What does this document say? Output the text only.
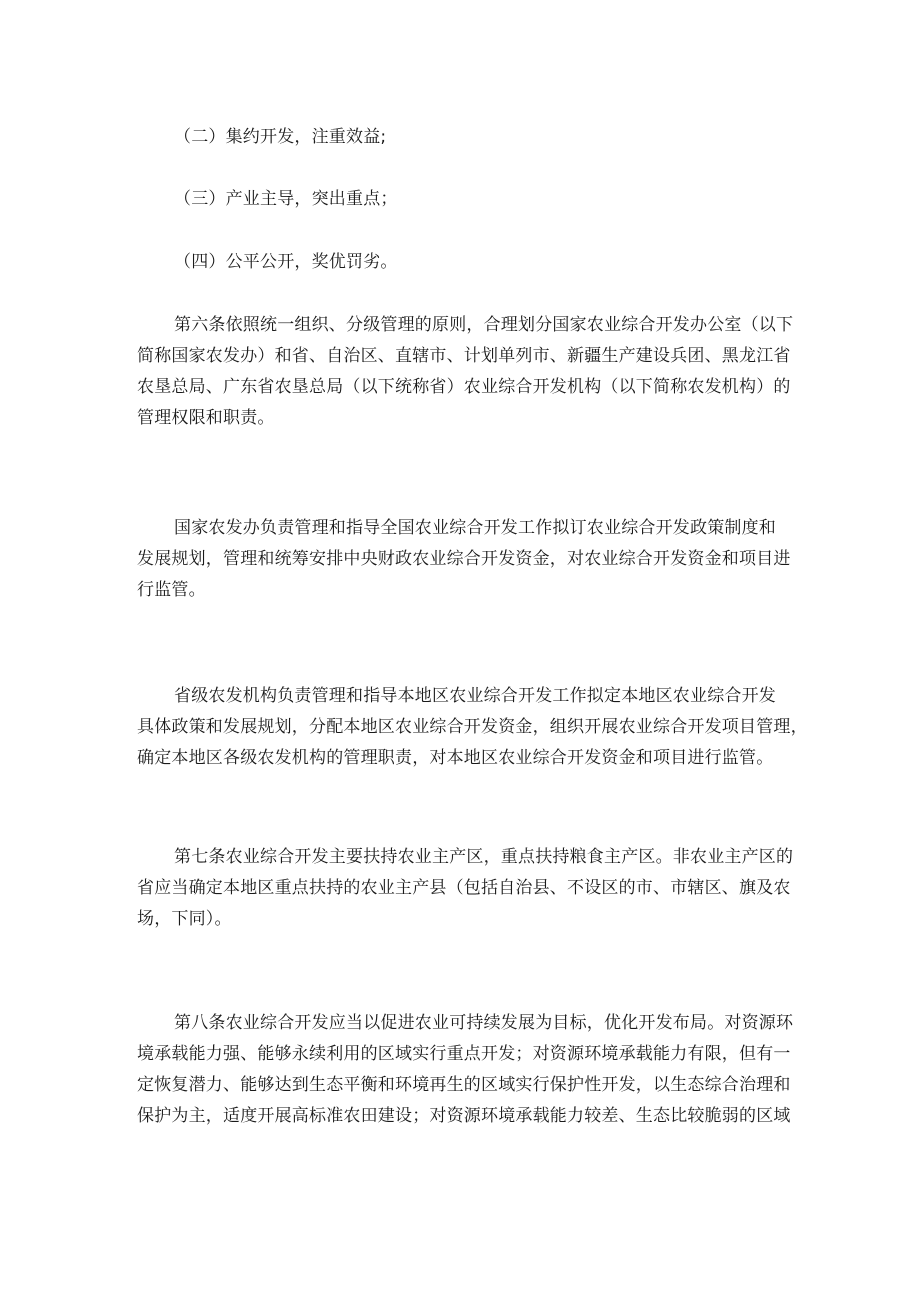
（二）集约开发，注重效益;
（三）产业主导，突出重点；
（四）公平公开，奖优罚劣。
第六条依照统一组织、分级管理的原则，合理划分国家农业综合开发办公室（以下
简称国家农发办）和省、自治区、直辖市、计划单列市、新疆生产建设兵团、黑龙江省
农垦总局、广东省农垦总局（以下统称省）农业综合开发机构（以下简称农发机构）的
管理权限和职责。
国家农发办负责管理和指导全国农业综合开发工作拟订农业综合开发政策制度和
发展规划，管理和统筹安排中央财政农业综合开发资金，对农业综合开发资金和项目进
行监管。
省级农发机构负责管理和指导本地区农业综合开发工作拟定本地区农业综合开发
具体政策和发展规划，分配本地区农业综合开发资金，组织开展农业综合开发项目管理，
确定本地区各级农发机构的管理职责，对本地区农业综合开发资金和项目进行监管。
第七条农业综合开发主要扶持农业主产区，重点扶持粮食主产区。非农业主产区的
省应当确定本地区重点扶持的农业主产县（包括自治县、不设区的市、市辖区、旗及农
场，下同）。
第八条农业综合开发应当以促进农业可持续发展为目标，优化开发布局。对资源环
境承载能力强、能够永续利用的区域实行重点开发；对资源环境承载能力有限，但有一
定恢复潜力、能够达到生态平衡和环境再生的区域实行保护性开发，以生态综合治理和
保护为主，适度开展高标准农田建设；对资源环境承载能力较差、生态比较脆弱的区域
